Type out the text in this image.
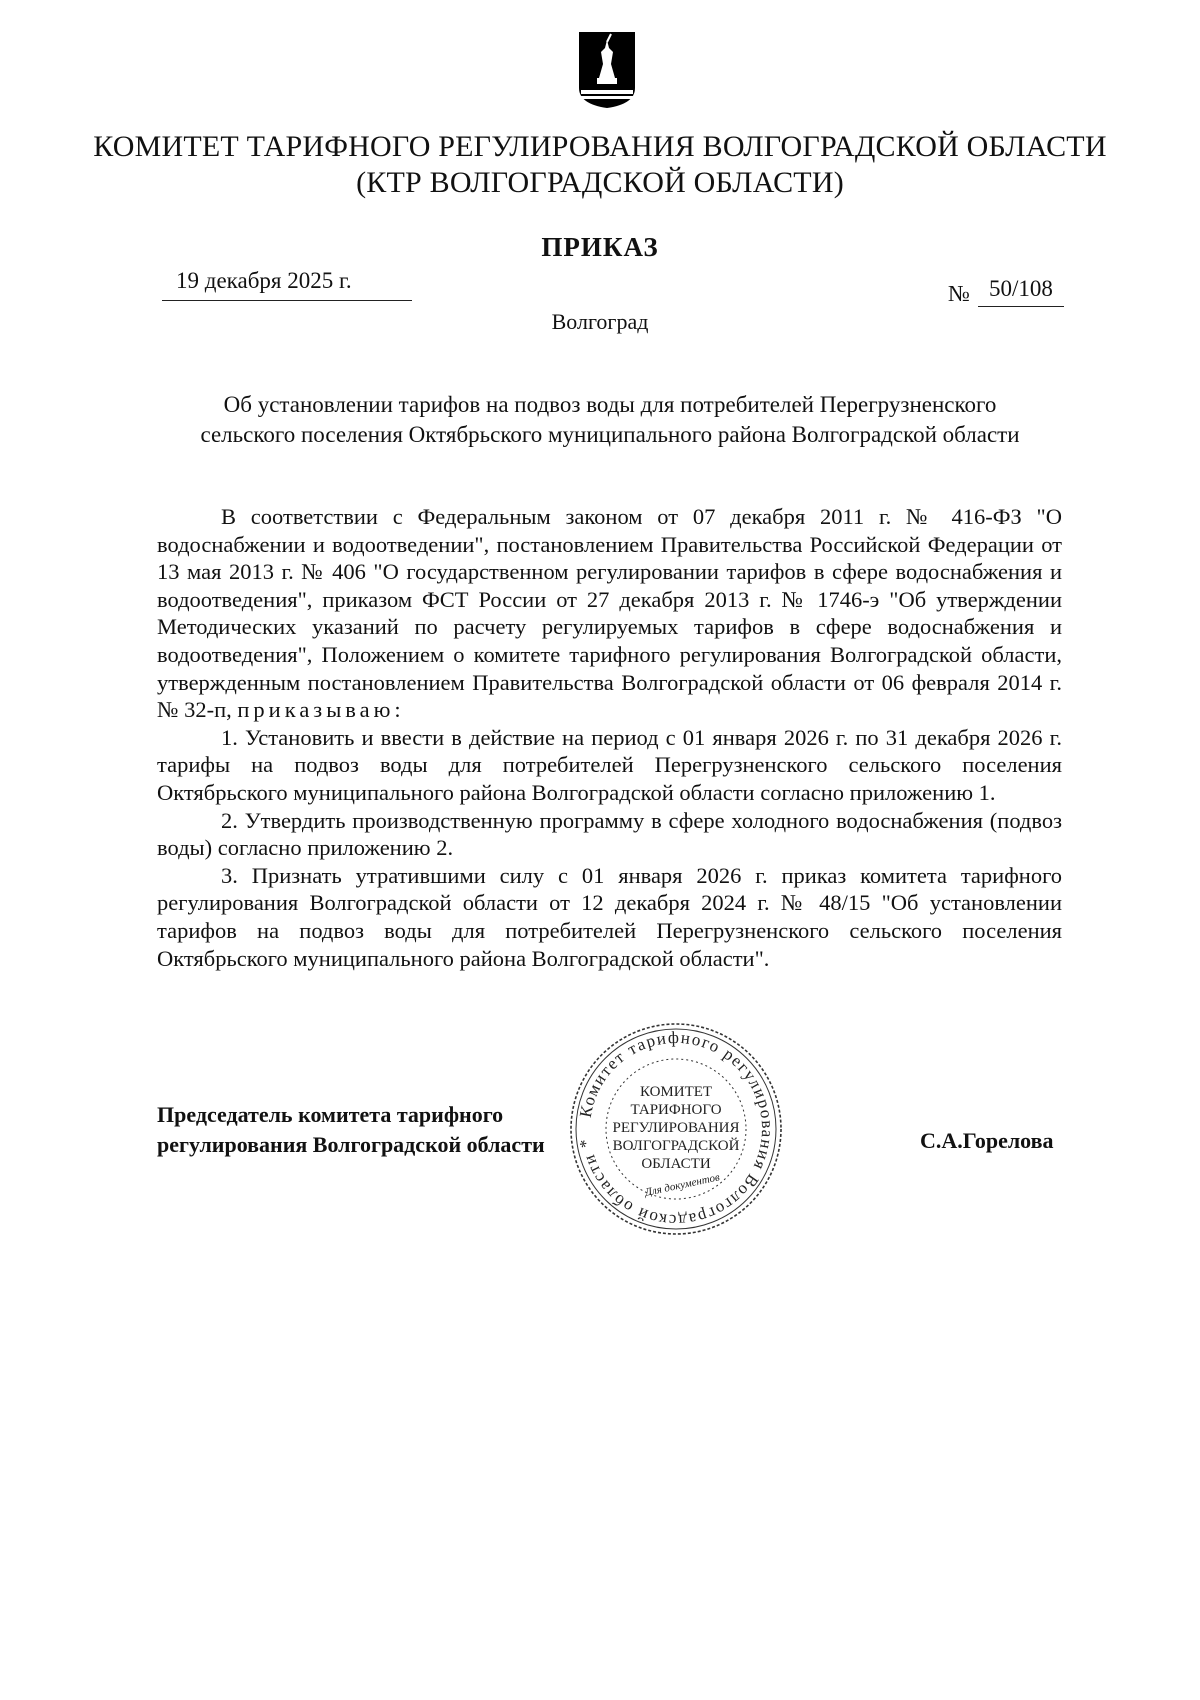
КОМИТЕТ ТАРИФНОГО РЕГУЛИРОВАНИЯ ВОЛГОГРАДСКОЙ ОБЛАСТИ
(КТР ВОЛГОГРАДСКОЙ ОБЛАСТИ)
ПРИКАЗ
19 декабря 2025 г.
№ 50/108
Волгоград
Об установлении тарифов на подвоз воды для потребителей Перегрузненского
сельского поселения Октябрьского муниципального района Волгоградской области

В соответствии с Федеральным законом от 07 декабря 2011 г. № 416-ФЗ "О водоснабжении и водоотведении", постановлением Правительства Российской Федерации от 13 мая 2013 г. № 406 "О государственном регулировании тарифов в сфере водоснабжения и водоотведения", приказом ФСТ России от 27 декабря 2013 г. № 1746-э "Об утверждении Методических указаний по расчету регулируемых тарифов в сфере водоснабжения и водоотведения", Положением о комитете тарифного регулирования Волгоградской области, утвержденным постановлением Правительства Волгоградской области от 06 февраля 2014 г. № 32-п, приказываю:

1. Установить и ввести в действие на период с 01 января 2026 г. по 31 декабря 2026 г. тарифы на подвоз воды для потребителей Перегрузненского сельского поселения Октябрьского муниципального района Волгоградской области согласно приложению 1.

2. Утвердить производственную программу в сфере холодного водоснабжения (подвоз воды) согласно приложению 2.

3. Признать утратившими силу с 01 января 2026 г. приказ комитета тарифного регулирования Волгоградской области от 12 декабря 2024 г. № 48/15 "Об установлении тарифов на подвоз воды для потребителей Перегрузненского сельского поселения Октябрьского муниципального района Волгоградской области".

Председатель комитета тарифного
регулирования Волгоградской области	С.А.Горелова
Комитет тарифного регулирования Волгоградской области *
КОМИТЕТ
ТАРИФНОГО
РЕГУЛИРОВАНИЯ
ВОЛГОГРАДСКОЙ
ОБЛАСТИ
Для документов
